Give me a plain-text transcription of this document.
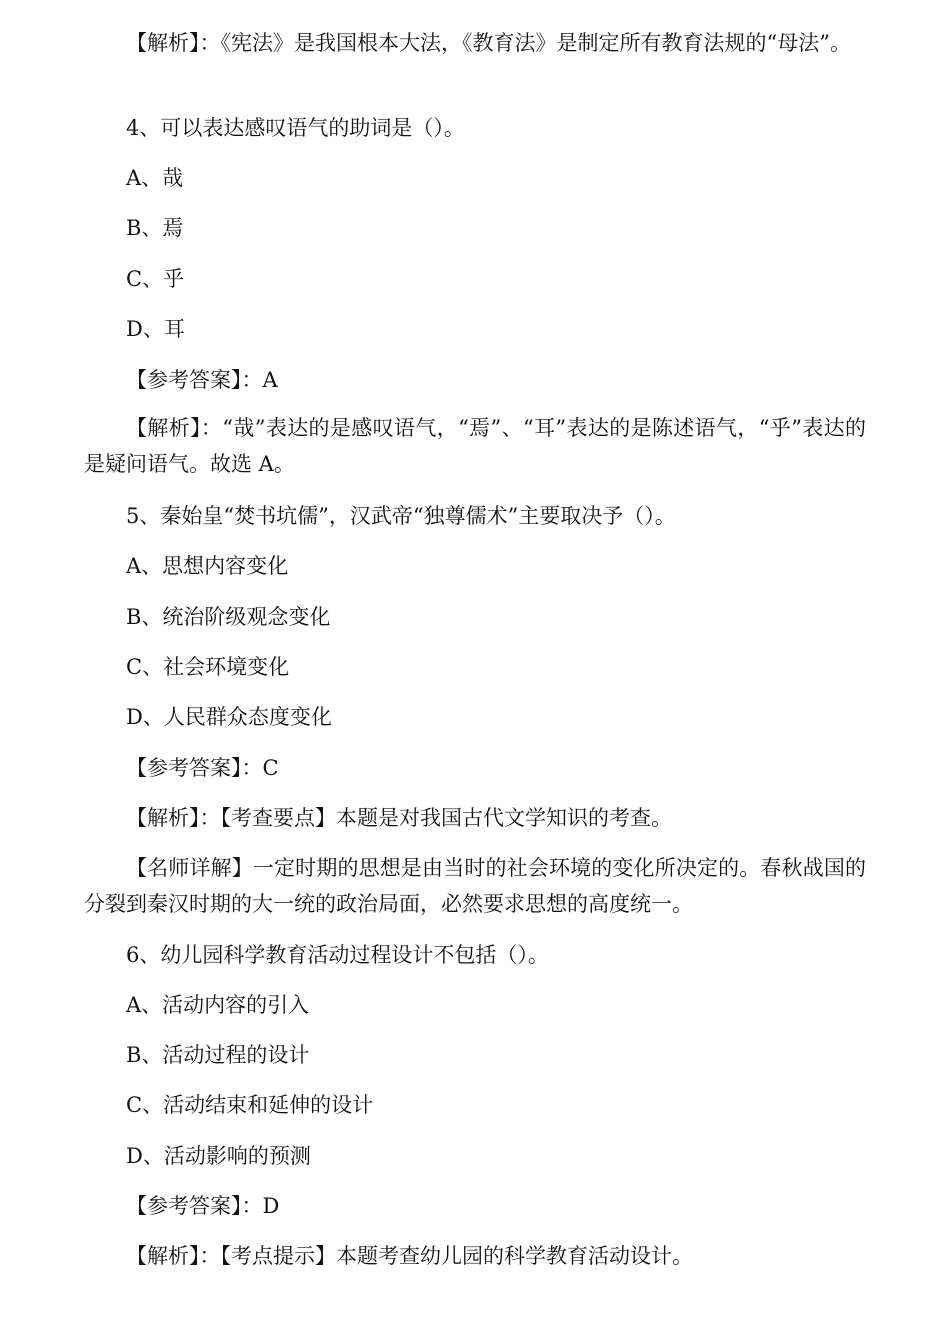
【解析】：《宪法》是我国根本大法，《教育法》是制定所有教育法规的“母法”。
4、可以表达感叹语气的助词是（）。
A、哉
B、焉
C、乎
D、耳
【参考答案】：A
【解析】：“哉”表达的是感叹语气，“焉”、“耳”表达的是陈述语气，“乎”表达的是疑问语气。故选 A。
5、秦始皇“焚书坑儒”，汉武帝“独尊儒术”主要取决予（）。
A、思想内容变化
B、统治阶级观念变化
C、社会环境变化
D、人民群众态度变化
【参考答案】：C
【解析】：【考查要点】本题是对我国古代文学知识的考查。
【名师详解】一定时期的思想是由当时的社会环境的变化所决定的。春秋战国的分裂到秦汉时期的大一统的政治局面，必然要求思想的高度统一。
6、幼儿园科学教育活动过程设计不包括（）。
A、活动内容的引入
B、活动过程的设计
C、活动结束和延伸的设计
D、活动影响的预测
【参考答案】：D
【解析】：【考点提示】本题考查幼儿园的科学教育活动设计。
